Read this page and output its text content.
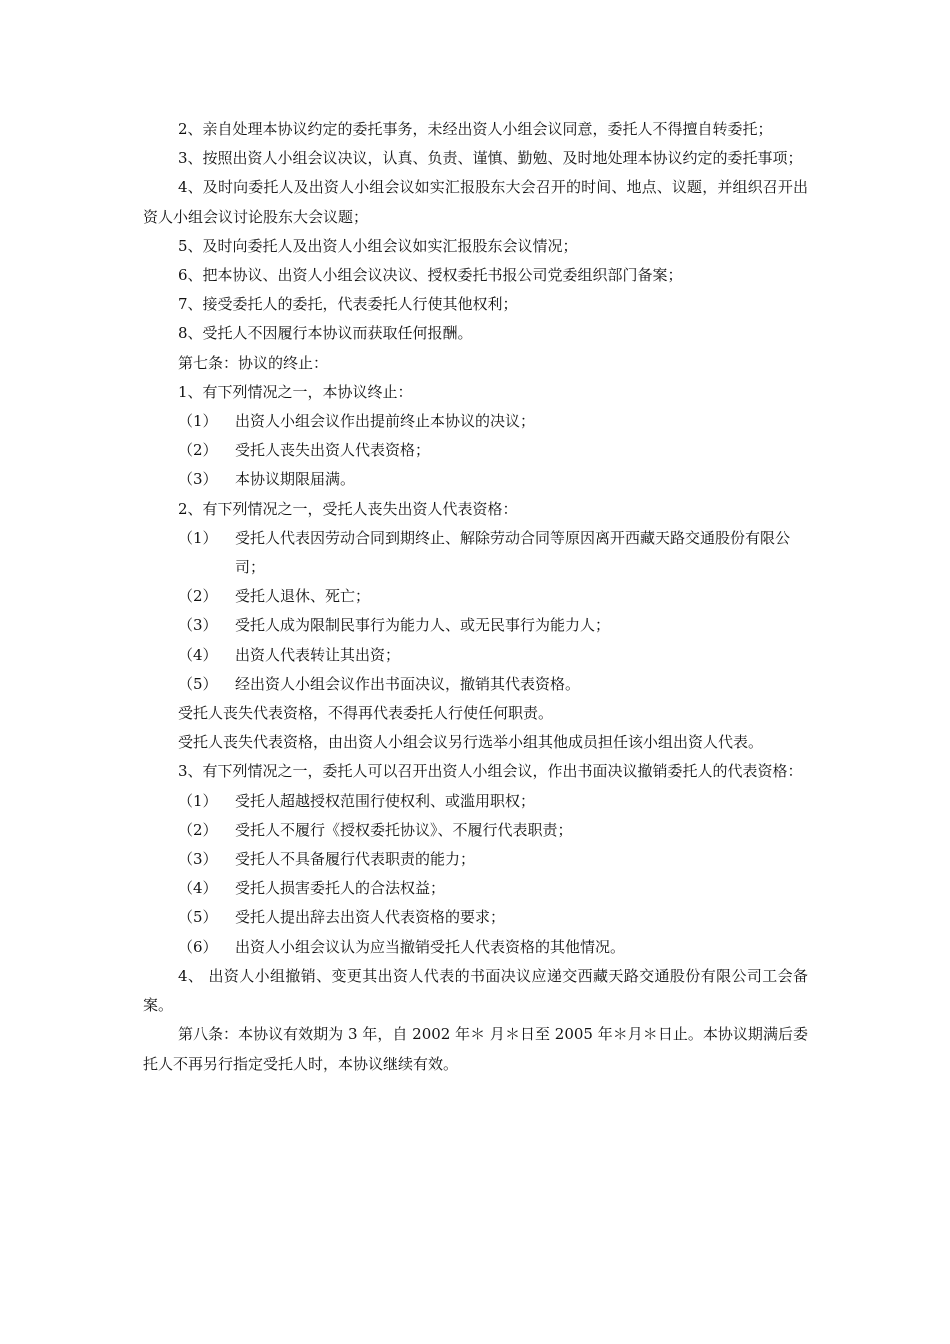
2、亲自处理本协议约定的委托事务，未经出资人小组会议同意，委托人不得擅自转委托；

3、按照出资人小组会议决议，认真、负责、谨慎、勤勉、及时地处理本协议约定的委托事项；

4、及时向委托人及出资人小组会议如实汇报股东大会召开的时间、地点、议题，并组织召开出资人小组会议讨论股东大会议题；

5、及时向委托人及出资人小组会议如实汇报股东会议情况；

6、把本协议、出资人小组会议决议、授权委托书报公司党委组织部门备案；

7、接受委托人的委托，代表委托人行使其他权利；

8、受托人不因履行本协议而获取任何报酬。

第七条：协议的终止：

1、有下列情况之一，本协议终止：

（1） 出资人小组会议作出提前终止本协议的决议；
（2） 受托人丧失出资人代表资格；
（3） 本协议期限届满。

2、有下列情况之一，受托人丧失出资人代表资格：

（1） 受托人代表因劳动合同到期终止、解除劳动合同等原因离开西藏天路交通股份有限公司；
（2） 受托人退休、死亡；
（3） 受托人成为限制民事行为能力人、或无民事行为能力人；
（4） 出资人代表转让其出资；
（5） 经出资人小组会议作出书面决议，撤销其代表资格。

受托人丧失代表资格，不得再代表委托人行使任何职责。

受托人丧失代表资格，由出资人小组会议另行选举小组其他成员担任该小组出资人代表。

3、有下列情况之一，委托人可以召开出资人小组会议，作出书面决议撤销委托人的代表资格：

（1） 受托人超越授权范围行使权利、或滥用职权；
（2） 受托人不履行《授权委托协议》、不履行代表职责；
（3） 受托人不具备履行代表职责的能力；
（4） 受托人损害委托人的合法权益；
（5） 受托人提出辞去出资人代表资格的要求；
（6） 出资人小组会议认为应当撤销受托人代表资格的其他情况。

4、 出资人小组撤销、变更其出资人代表的书面决议应递交西藏天路交通股份有限公司工会备案。

第八条：本协议有效期为 3 年，自 2002 年＊ 月＊日至 2005 年＊月＊日止。本协议期满后委托人不再另行指定受托人时，本协议继续有效。
